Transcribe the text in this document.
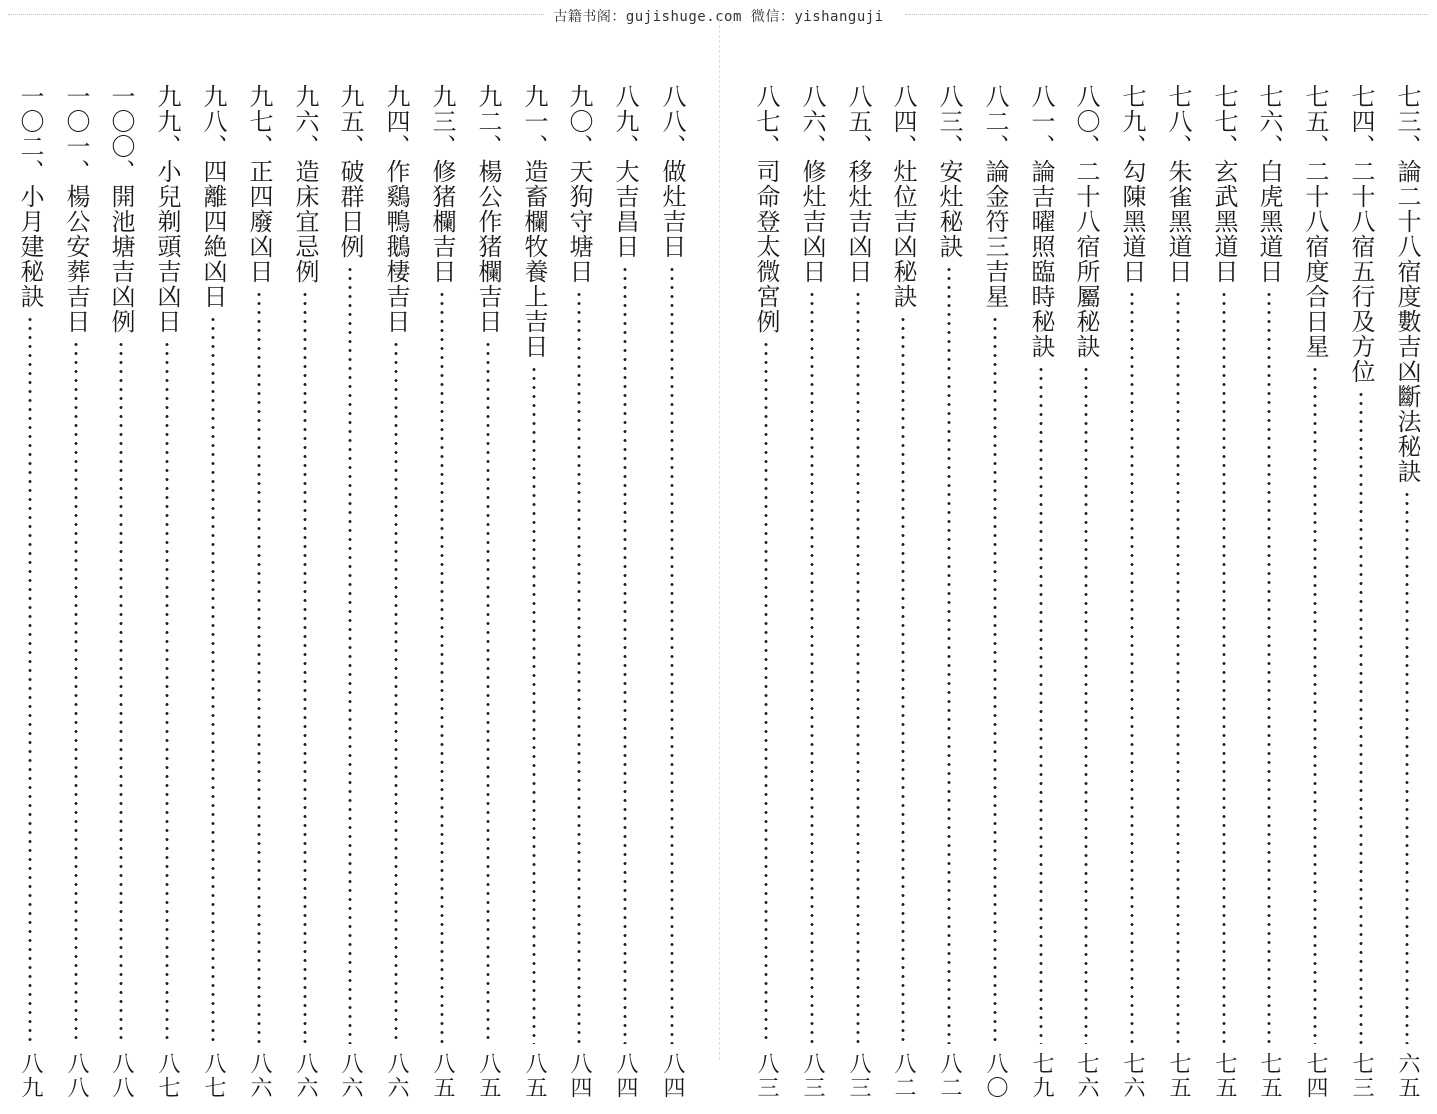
古籍书阁：gujishuge.com 微信：yishanguji
八八、做灶吉日
八四
八九、大吉昌日
八四
九〇、天狗守塘日
八四
九一、造畜欄牧養上吉日
八五
九二、楊公作猪欄吉日
八五
九三、修猪欄吉日
八五
九四、作鷄鴨鵝棲吉日
八六
九五、破群日例
八六
九六、造床宜忌例
八六
九七、正四廢凶日
八六
九八、四離四絶凶日
八七
九九、小兒剃頭吉凶日
八七
一〇〇、開池塘吉凶例
八八
一〇一、楊公安葬吉日
八八
一〇二、小月建秘訣
八九
七三、論二十八宿度數吉凶斷法秘訣
六五
七四、二十八宿五行及方位
七三
七五、二十八宿度合日星
七四
七六、白虎黑道日
七五
七七、玄武黑道日
七五
七八、朱雀黑道日
七五
七九、勾陳黑道日
七六
八〇、二十八宿所屬秘訣
七六
八一、論吉曜照臨時秘訣
七九
八二、論金符三吉星
八〇
八三、安灶秘訣
八二
八四、灶位吉凶秘訣
八二
八五、移灶吉凶日
八三
八六、修灶吉凶日
八三
八七、司命登太微宮例
八三
